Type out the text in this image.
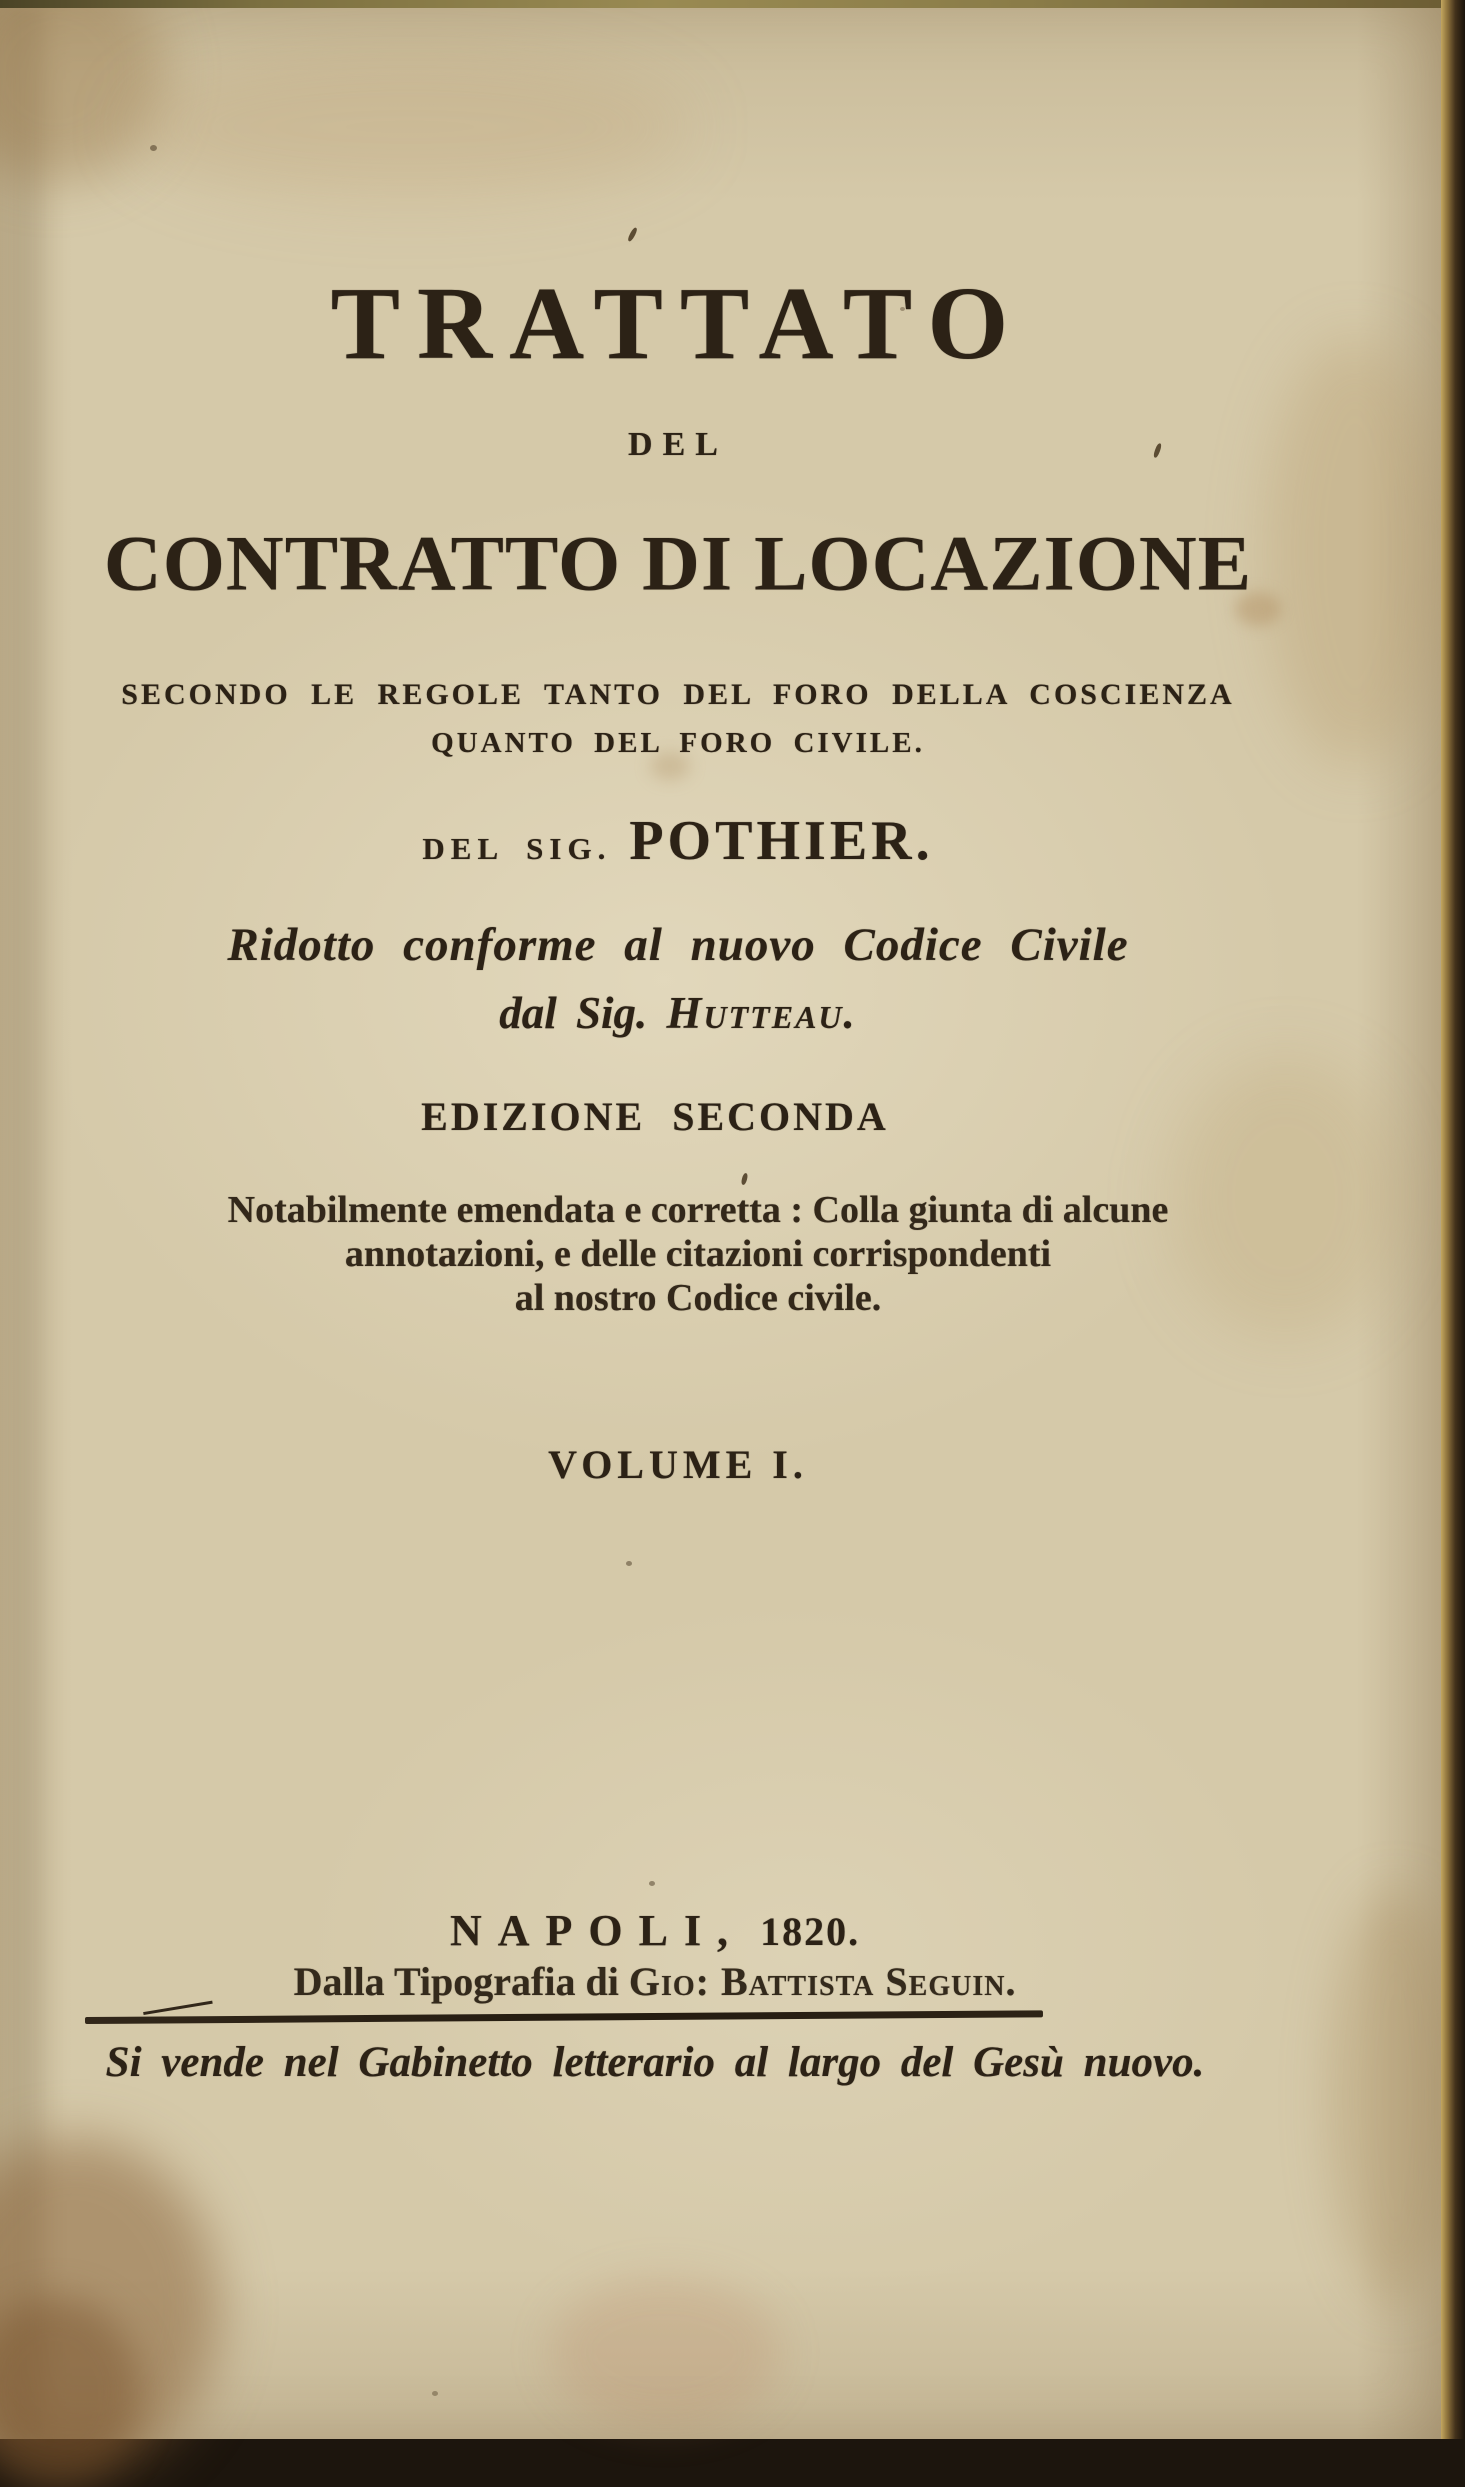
TRATTATO
DEL
CONTRATTO DI LOCAZIONE
SECONDO LE REGOLE TANTO DEL FORO DELLA COSCIENZA
QUANTO DEL FORO CIVILE.
DEL SIG. POTHIER.
Ridotto conforme al nuovo Codice Civile
dal Sig. Hutteau.
EDIZIONE SECONDA
Notabilmente emendata e corretta : Colla giunta di alcune
annotazioni, e delle citazioni corrispondenti
al nostro Codice civile.
VOLUME I.
NAPOLI, 1820.
Dalla Tipografia di Gio: Battista Seguin.
Si vende nel Gabinetto letterario al largo del Gesù nuovo.
